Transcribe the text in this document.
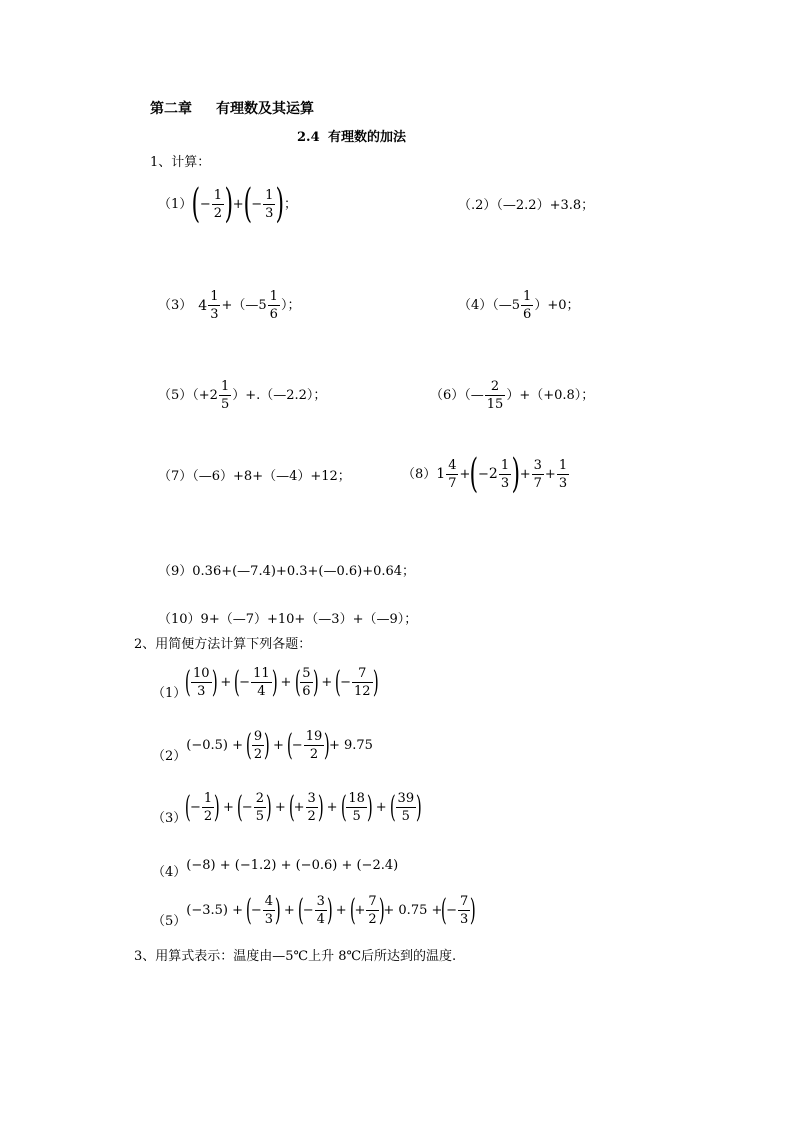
第二章 有理数及其运算
2.4 有理数的加法
1、计算：
（1） ( − $\frac{1}{2}$ ) + ( − $\frac{1}{3}$ ) ；	（.2）（—2.2）+3.8；
（3） $4 \frac{1}{3}$ +（—5 $\frac{1}{6}$ ）；	（4）（—5 $\frac{1}{6} )+0$；
$(5)(+2 \frac{1}{5}$ ）+.（—2.2）；	（6）（— $\frac{2}{15} )+(+0.8)$；
（7）（—6）+8+（—4）+12；	（8） $1 \frac{4}{7}$ + ( − $2 \frac{1}{3}$ ) + $\frac{3}{7} + \frac{1}{3}$
（9）0.36+(—7.4)+0.3+(—0.6)+0.64；
（10）9+（—7）+10+（—3）+（—9）；
2、用简便方法计算下列各题：
（1）
( $\frac{10}{3}$ )
+
(
− $\frac{11}{4}$ )
+
( $\frac{5}{6}$ )
+
(
− $\frac{7}{12}$ )
（2）
(−0.5) +
( $\frac{9}{2}$ )
+
(
− $\frac{19}{2}$ )
+ 9.75
（3）
(
− $\frac{1}{2}$ )
+
(
− $\frac{2}{5}$ )
+
(
+ $\frac{3}{2}$ )
+
( $\frac{18}{5}$ )
+
( $\frac{39}{5}$ )
（4） (−8) + (−1.2) + (−0.6) + (−2.4)
（5）
(−3.5) +
(
− $\frac{4}{3}$ )
+
(
− $\frac{3}{4}$ )
+
(
+ $\frac{7}{2}$ )
+ 0.75 +
(
− $\frac{7}{3}$ )
3、用算式表示：温度由—5℃上升 8℃后所达到的温度.
